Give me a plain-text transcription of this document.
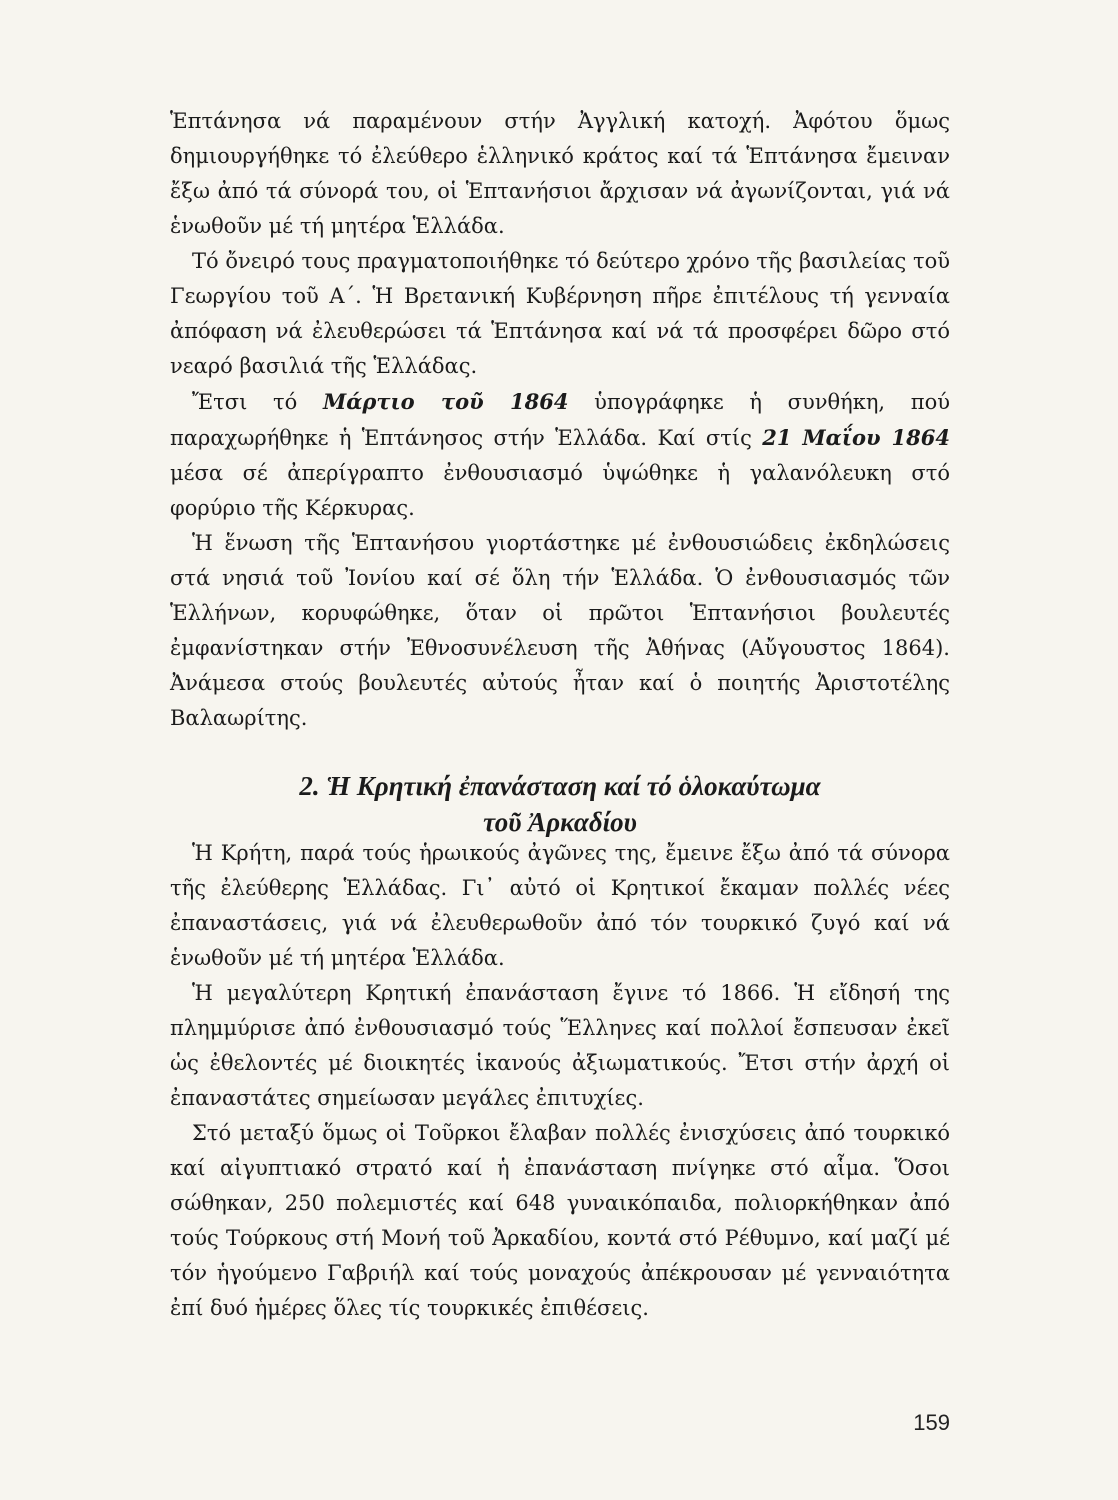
Ἑπτάνησα νά παραμένουν στήν Ἀγγλική κατοχή. Ἀφότου ὅμως δημιουργήθηκε τό ἐλεύθερο ἑλληνικό κράτος καί τά Ἑπτάνησα ἔμειναν ἔξω ἀπό τά σύνορά του, οἱ Ἑπτανήσιοι ἄρχισαν νά ἀγωνίζονται, γιά νά ἑνωθοῦν μέ τή μητέρα Ἑλλάδα.

Τό ὄνειρό τους πραγματοποιήθηκε τό δεύτερο χρόνο τῆς βασιλείας τοῦ Γεωργίου τοῦ Α΄. Ἡ Βρετανική Κυβέρνηση πῆρε ἐπιτέλους τή γενναία ἀπόφαση νά ἐλευθερώσει τά Ἑπτάνησα καί νά τά προσφέρει δῶρο στό νεαρό βασιλιά τῆς Ἑλλάδας.

Ἔτσι τό Μάρτιο τοῦ 1864 ὑπογράφηκε ἡ συνθήκη, πού παραχωρήθηκε ἡ Ἑπτάνησος στήν Ἑλλάδα. Καί στίς 21 Μαΐου 1864 μέσα σέ ἀπερίγραπτο ἐνθουσιασμό ὑψώθηκε ἡ γαλανόλευκη στό φορύριο τῆς Κέρκυρας.

Ἡ ἕνωση τῆς Ἑπτανήσου γιορτάστηκε μέ ἐνθουσιώδεις ἐκδηλώσεις στά νησιά τοῦ Ἰονίου καί σέ ὅλη τήν Ἑλλάδα. Ὁ ἐνθουσιασμός τῶν Ἑλλήνων, κορυφώθηκε, ὅταν οἱ πρῶτοι Ἑπτανήσιοι βουλευτές ἐμφανίστηκαν στήν Ἐθνοσυνέλευση τῆς Ἀθήνας (Αὔγουστος 1864). Ἀνάμεσα στούς βουλευτές αὐτούς ἦταν καί ὁ ποιητής Ἀριστοτέλης Βαλαωρίτης.

2. Ἡ Κρητική ἐπανάσταση καί τό ὁλοκαύτωμα
τοῦ Ἀρκαδίου

Ἡ Κρήτη, παρά τούς ἡρωικούς ἀγῶνες της, ἔμεινε ἔξω ἀπό τά σύνορα τῆς ἐλεύθερης Ἑλλάδας. Γι᾽ αὐτό οἱ Κρητικοί ἔκαμαν πολλές νέες ἐπαναστάσεις, γιά νά ἐλευθερωθοῦν ἀπό τόν τουρκικό ζυγό καί νά ἑνωθοῦν μέ τή μητέρα Ἑλλάδα.

Ἡ μεγαλύτερη Κρητική ἐπανάσταση ἔγινε τό 1866. Ἡ εἴδησή της πλημμύρισε ἀπό ἐνθουσιασμό τούς Ἕλληνες καί πολλοί ἔσπευσαν ἐκεῖ ὡς ἐθελοντές μέ διοικητές ἱκανούς ἀξιωματικούς. Ἔτσι στήν ἀρχή οἱ ἐπαναστάτες σημείωσαν μεγάλες ἐπιτυχίες.

Στό μεταξύ ὅμως οἱ Τοῦρκοι ἔλαβαν πολλές ἐνισχύσεις ἀπό τουρκικό καί αἰγυπτιακό στρατό καί ἡ ἐπανάσταση πνίγηκε στό αἷμα. Ὅσοι σώθηκαν, 250 πολεμιστές καί 648 γυναικόπαιδα, πολιορκήθηκαν ἀπό τούς Τούρκους στή Μονή τοῦ Ἀρκαδίου, κοντά στό Ρέθυμνο, καί μαζί μέ τόν ἡγούμενο Γαβριήλ καί τούς μοναχούς ἀπέκρουσαν μέ γενναιότητα ἐπί δυό ἡμέρες ὅλες τίς τουρκικές ἐπιθέσεις.

159
